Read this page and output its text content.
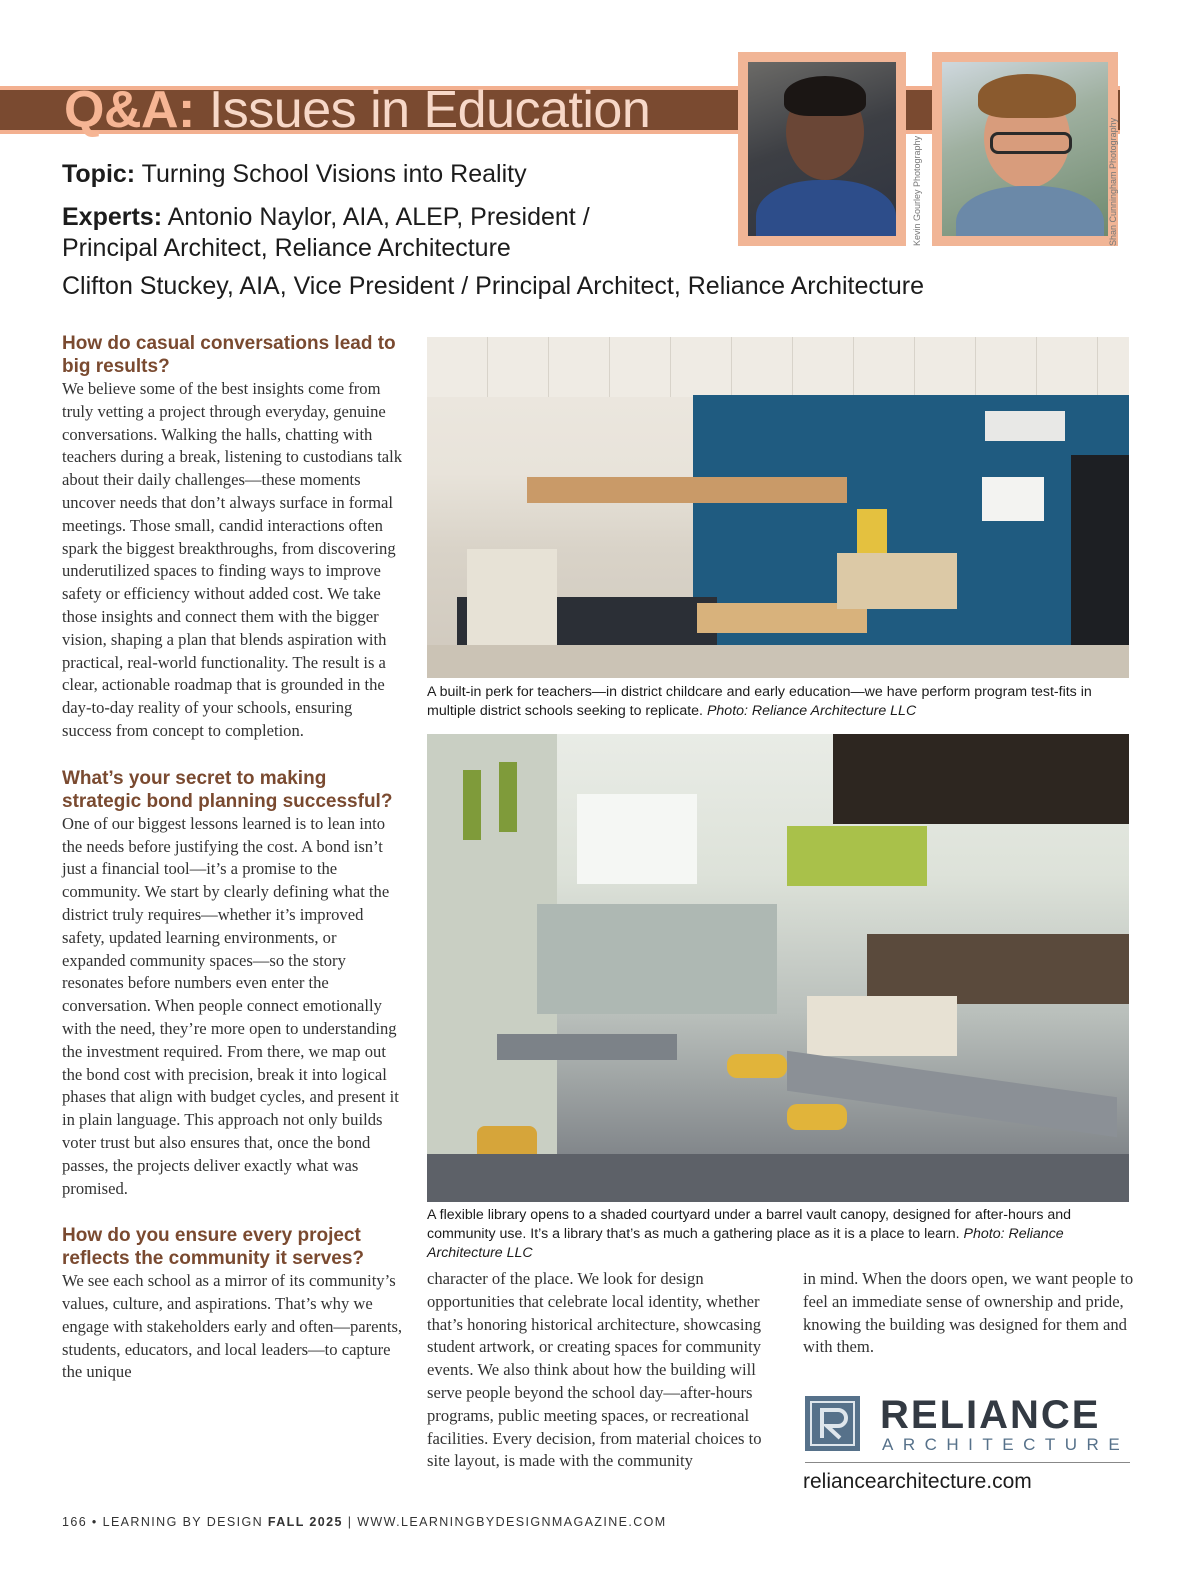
Q&A: Issues in Education
Kevin Gourley Photography	Shan Cunningham Photography
Topic: Turning School Visions into Reality
Experts: Antonio Naylor, AIA, ALEP, President /
Principal Architect, Reliance Architecture
Clifton Stuckey, AIA, Vice President / Principal Architect, Reliance Architecture

How do casual conversations lead to big results?

We believe some of the best insights come from truly vetting a project through everyday, genuine conversations. Walking the halls, chatting with teachers during a break, listening to custodians talk about their daily challenges—these moments uncover needs that don’t always surface in formal meetings. Those small, candid interactions often spark the biggest breakthroughs, from discovering underutilized spaces to finding ways to improve safety or efficiency without added cost. We take those insights and connect them with the bigger vision, shaping a plan that blends aspiration with practical, real-world functionality. The result is a clear, actionable roadmap that is grounded in the day-to-day reality of your schools, ensuring success from concept to completion.

What’s your secret to making strategic bond planning successful?

One of our biggest lessons learned is to lean into the needs before justifying the cost. A bond isn’t just a financial tool—it’s a promise to the community. We start by clearly defining what the district truly requires—whether it’s improved safety, updated learning environments, or expanded community spaces—so the story resonates before numbers even enter the conversation. When people connect emotionally with the need, they’re more open to understanding the investment required. From there, we map out the bond cost with precision, break it into logical phases that align with budget cycles, and present it in plain language. This approach not only builds voter trust but also ensures that, once the bond passes, the projects deliver exactly what was promised.

How do you ensure every project reflects the community it serves?

We see each school as a mirror of its community’s values, culture, and aspirations. That’s why we engage with stakeholders early and often—parents, students, educators, and local leaders—to capture the unique

A built-in perk for teachers—in district childcare and early education—we have perform program test-fits in multiple district schools seeking to replicate. Photo: Reliance Architecture LLC
A flexible library opens to a shaded courtyard under a barrel vault canopy, designed for after-hours and community use. It’s a library that’s as much a gathering place as it is a place to learn. Photo: Reliance Architecture LLC

character of the place. We look for design opportunities that celebrate local identity, whether that’s honoring historical architecture, showcasing student artwork, or creating spaces for community events. We also think about how the building will serve people beyond the school day—after-hours programs, public meeting spaces, or recreational facilities. Every decision, from material choices to site layout, is made with the community

in mind. When the doors open, we want people to feel an immediate sense of ownership and pride, knowing the building was designed for them and with them.

RELIANCE
ARCHITECTURE
reliancearchitecture.com
166 • LEARNING BY DESIGN FALL 2025 | WWW.LEARNINGBYDESIGNMAGAZINE.COM
